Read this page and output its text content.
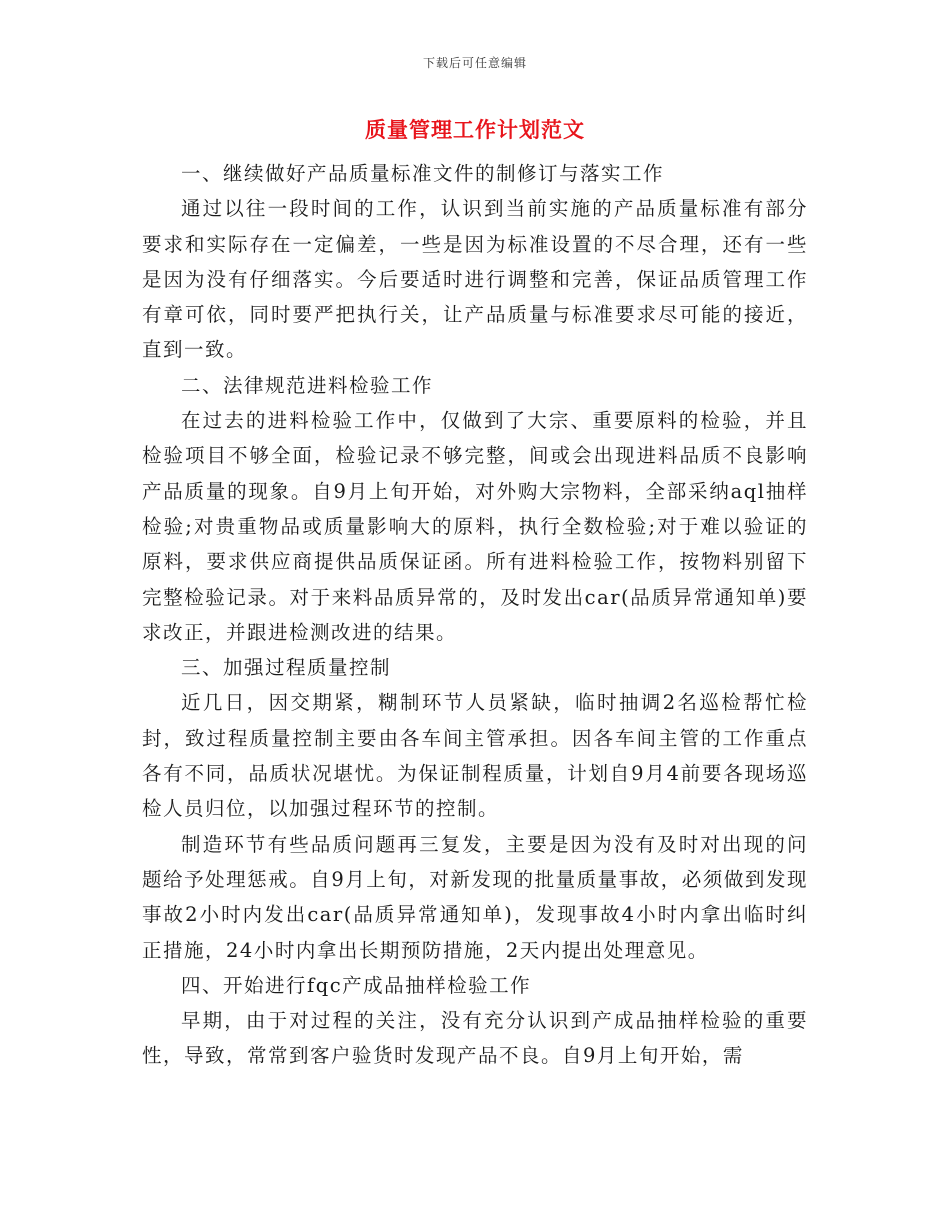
下载后可任意编辑
质量管理工作计划范文

一、继续做好产品质量标准文件的制修订与落实工作

通过以往一段时间的工作，认识到当前实施的产品质量标准有部分要求和实际存在一定偏差，一些是因为标准设置的不尽合理，还有一些是因为没有仔细落实。今后要适时进行调整和完善，保证品质管理工作有章可依，同时要严把执行关，让产品质量与标准要求尽可能的接近，直到一致。

二、法律规范进料检验工作

在过去的进料检验工作中，仅做到了大宗、重要原料的检验，并且检验项目不够全面，检验记录不够完整，间或会出现进料品质不良影响产品质量的现象。自9月上旬开始，对外购大宗物料，全部采纳aql抽样检验;对贵重物品或质量影响大的原料，执行全数检验;对于难以验证的原料，要求供应商提供品质保证函。所有进料检验工作，按物料别留下完整检验记录。对于来料品质异常的，及时发出car(品质异常通知单)要求改正，并跟进检测改进的结果。

三、加强过程质量控制

近几日，因交期紧，糊制环节人员紧缺，临时抽调2名巡检帮忙检封，致过程质量控制主要由各车间主管承担。因各车间主管的工作重点各有不同，品质状况堪忧。为保证制程质量，计划自9月4前要各现场巡检人员归位，以加强过程环节的控制。

制造环节有些品质问题再三复发，主要是因为没有及时对出现的问题给予处理惩戒。自9月上旬，对新发现的批量质量事故，必须做到发现事故2小时内发出car(品质异常通知单)，发现事故4小时内拿出临时纠正措施，24小时内拿出长期预防措施，2天内提出处理意见。

四、开始进行fqc产成品抽样检验工作

早期，由于对过程的关注，没有充分认识到产成品抽样检验的重要性，导致，常常到客户验货时发现产品不良。自9月上旬开始，需
